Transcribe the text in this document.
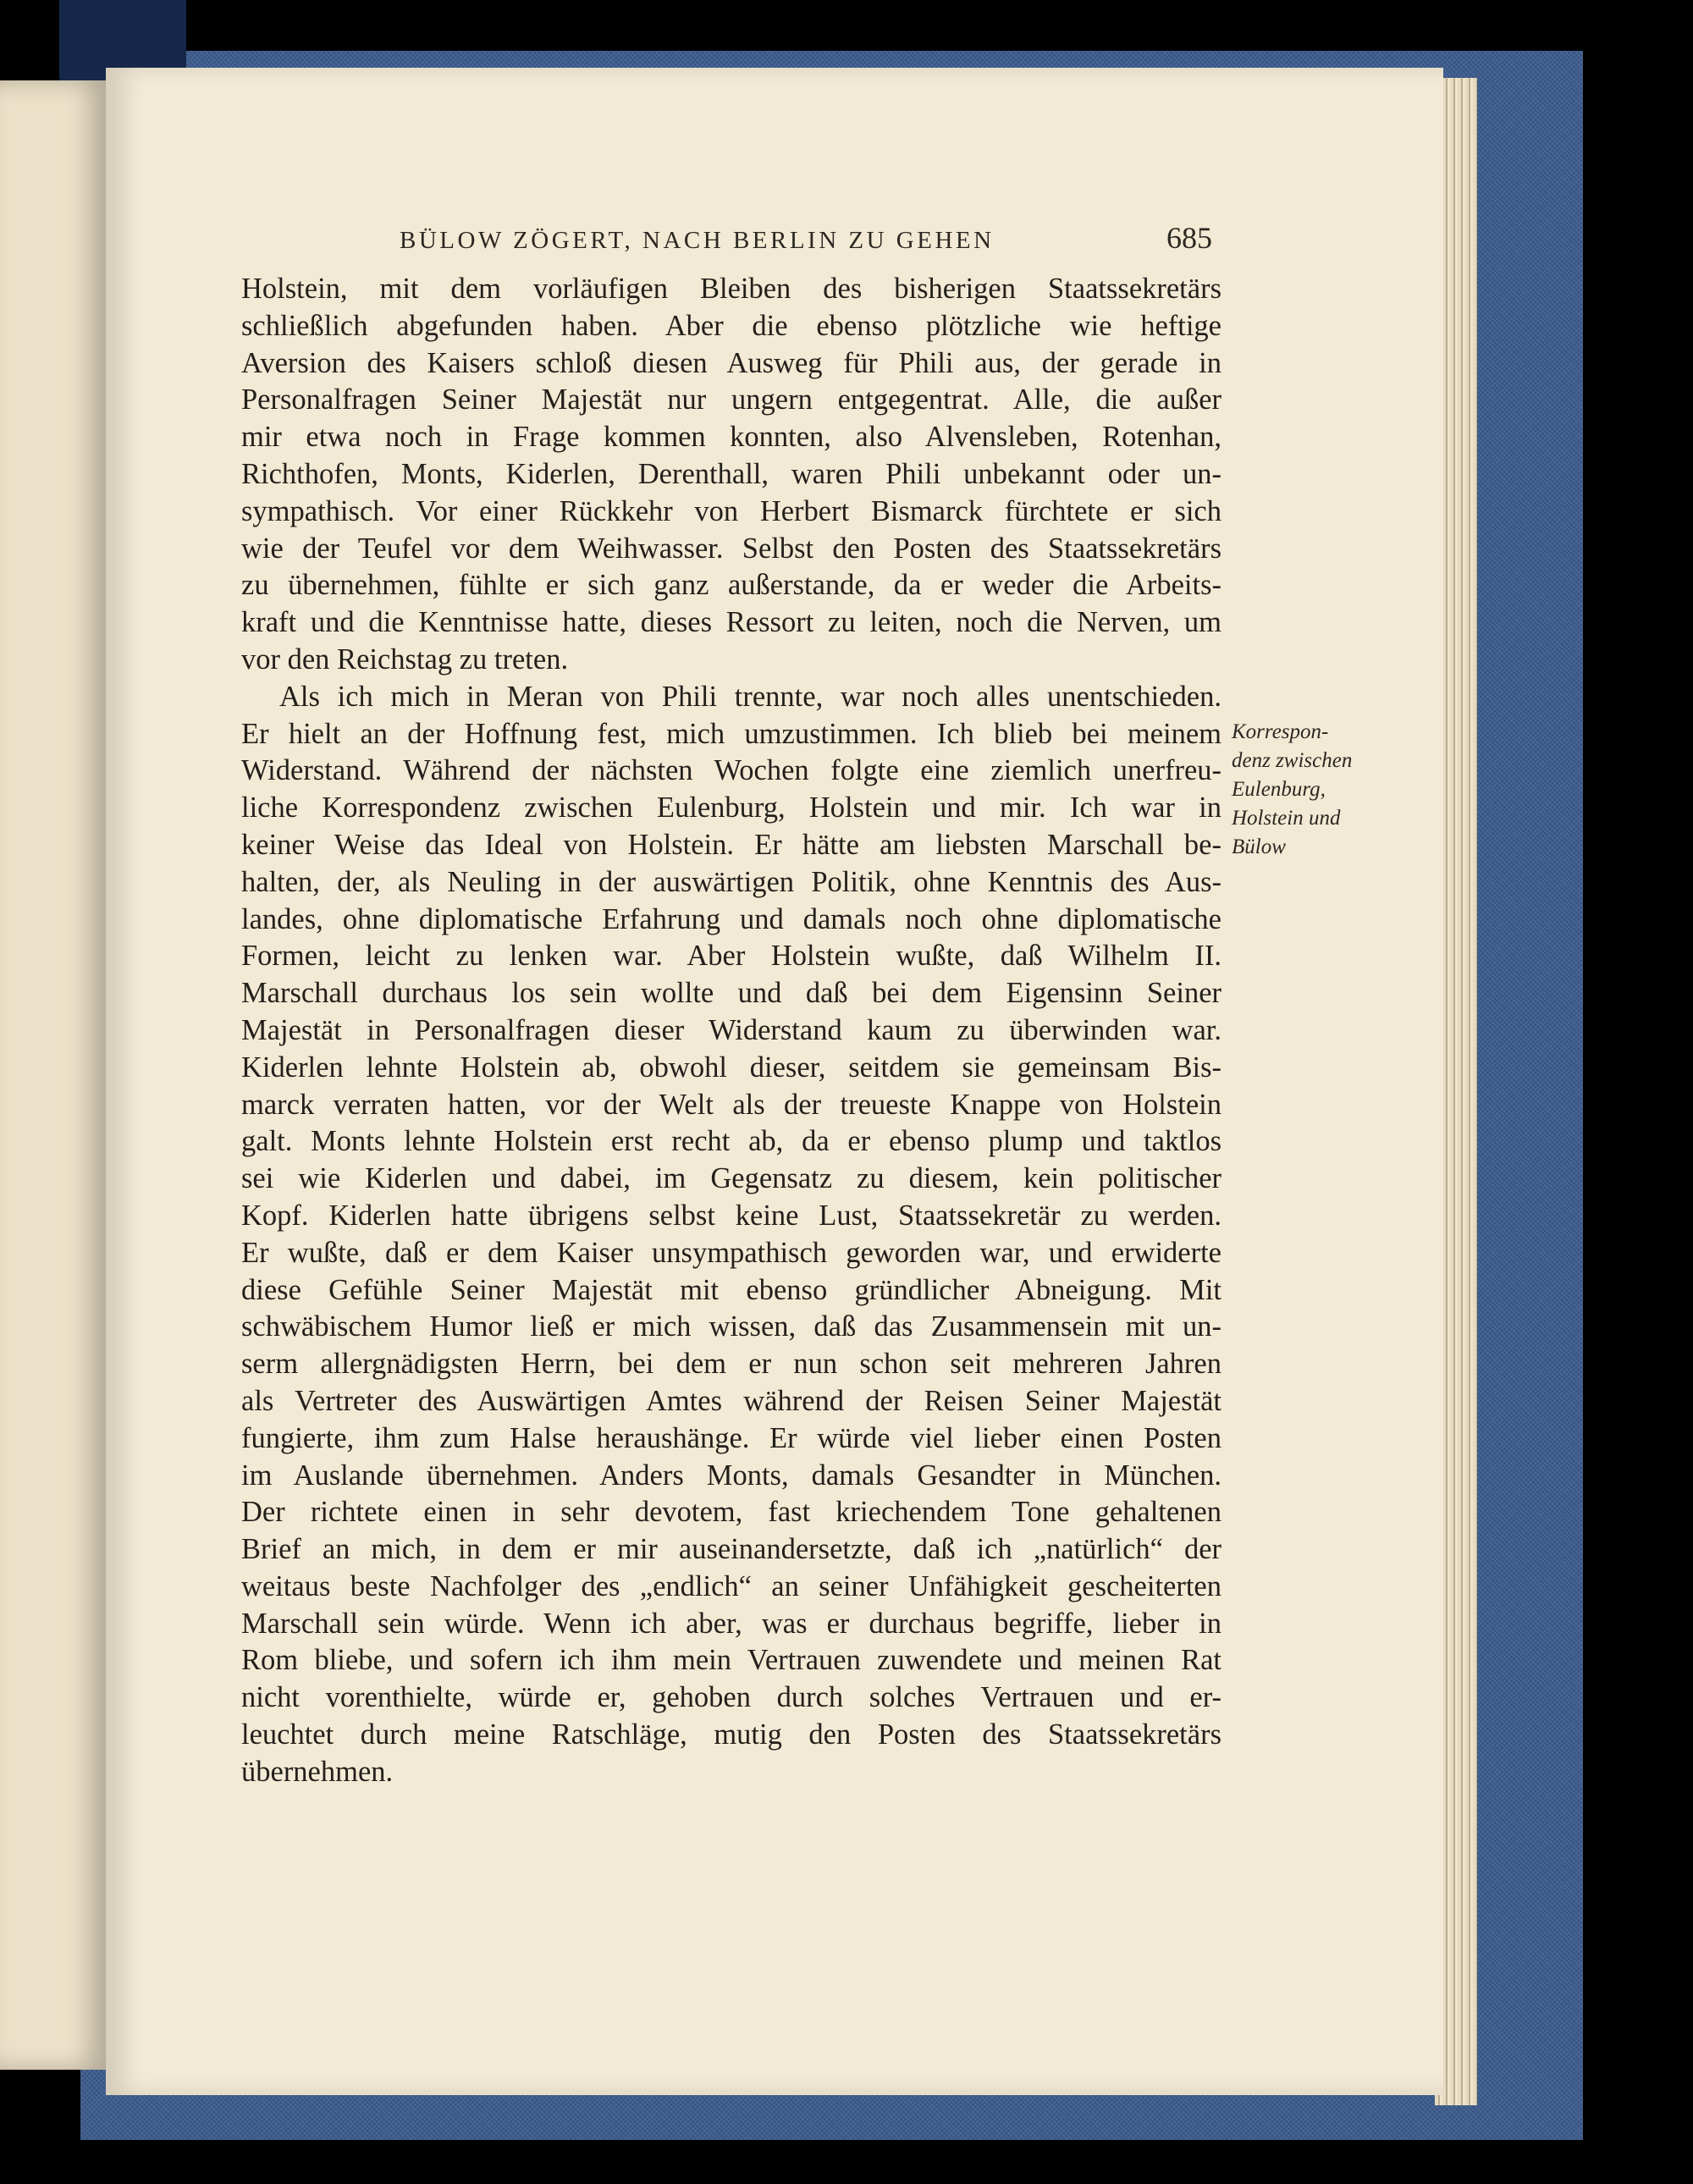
BÜLOW ZÖGERT, NACH BERLIN ZU GEHEN	685
Holstein, mit dem vorläufigen Bleiben des bisherigen Staatssekretärs
schließlich abgefunden haben. Aber die ebenso plötzliche wie heftige
Aversion des Kaisers schloß diesen Ausweg für Phili aus, der gerade in
Personalfragen Seiner Majestät nur ungern entgegentrat. Alle, die außer
mir etwa noch in Frage kommen konnten, also Alvensleben, Rotenhan,
Richthofen, Monts, Kiderlen, Derenthall, waren Phili unbekannt oder un-
sympathisch. Vor einer Rückkehr von Herbert Bismarck fürchtete er sich
wie der Teufel vor dem Weihwasser. Selbst den Posten des Staatssekretärs
zu übernehmen, fühlte er sich ganz außerstande, da er weder die Arbeits-
kraft und die Kenntnisse hatte, dieses Ressort zu leiten, noch die Nerven, um
vor den Reichstag zu treten.
Als ich mich in Meran von Phili trennte, war noch alles unentschieden.
Er hielt an der Hoffnung fest, mich umzustimmen. Ich blieb bei meinem
Widerstand. Während der nächsten Wochen folgte eine ziemlich unerfreu-
liche Korrespondenz zwischen Eulenburg, Holstein und mir. Ich war in
keiner Weise das Ideal von Holstein. Er hätte am liebsten Marschall be-
halten, der, als Neuling in der auswärtigen Politik, ohne Kenntnis des Aus-
landes, ohne diplomatische Erfahrung und damals noch ohne diplomatische
Formen, leicht zu lenken war. Aber Holstein wußte, daß Wilhelm II.
Marschall durchaus los sein wollte und daß bei dem Eigensinn Seiner
Majestät in Personalfragen dieser Widerstand kaum zu überwinden war.
Kiderlen lehnte Holstein ab, obwohl dieser, seitdem sie gemeinsam Bis-
marck verraten hatten, vor der Welt als der treueste Knappe von Holstein
galt. Monts lehnte Holstein erst recht ab, da er ebenso plump und taktlos
sei wie Kiderlen und dabei, im Gegensatz zu diesem, kein politischer
Kopf. Kiderlen hatte übrigens selbst keine Lust, Staatssekretär zu werden.
Er wußte, daß er dem Kaiser unsympathisch geworden war, und erwiderte
diese Gefühle Seiner Majestät mit ebenso gründlicher Abneigung. Mit
schwäbischem Humor ließ er mich wissen, daß das Zusammensein mit un-
serm allergnädigsten Herrn, bei dem er nun schon seit mehreren Jahren
als Vertreter des Auswärtigen Amtes während der Reisen Seiner Majestät
fungierte, ihm zum Halse heraushänge. Er würde viel lieber einen Posten
im Auslande übernehmen. Anders Monts, damals Gesandter in München.
Der richtete einen in sehr devotem, fast kriechendem Tone gehaltenen
Brief an mich, in dem er mir auseinandersetzte, daß ich „natürlich“ der
weitaus beste Nachfolger des „endlich“ an seiner Unfähigkeit gescheiterten
Marschall sein würde. Wenn ich aber, was er durchaus begriffe, lieber in
Rom bliebe, und sofern ich ihm mein Vertrauen zuwendete und meinen Rat
nicht vorenthielte, würde er, gehoben durch solches Vertrauen und er-
leuchtet durch meine Ratschläge, mutig den Posten des Staatssekretärs
übernehmen.
Korrespon-
denz zwischen
Eulenburg,
Holstein und
Bülow
